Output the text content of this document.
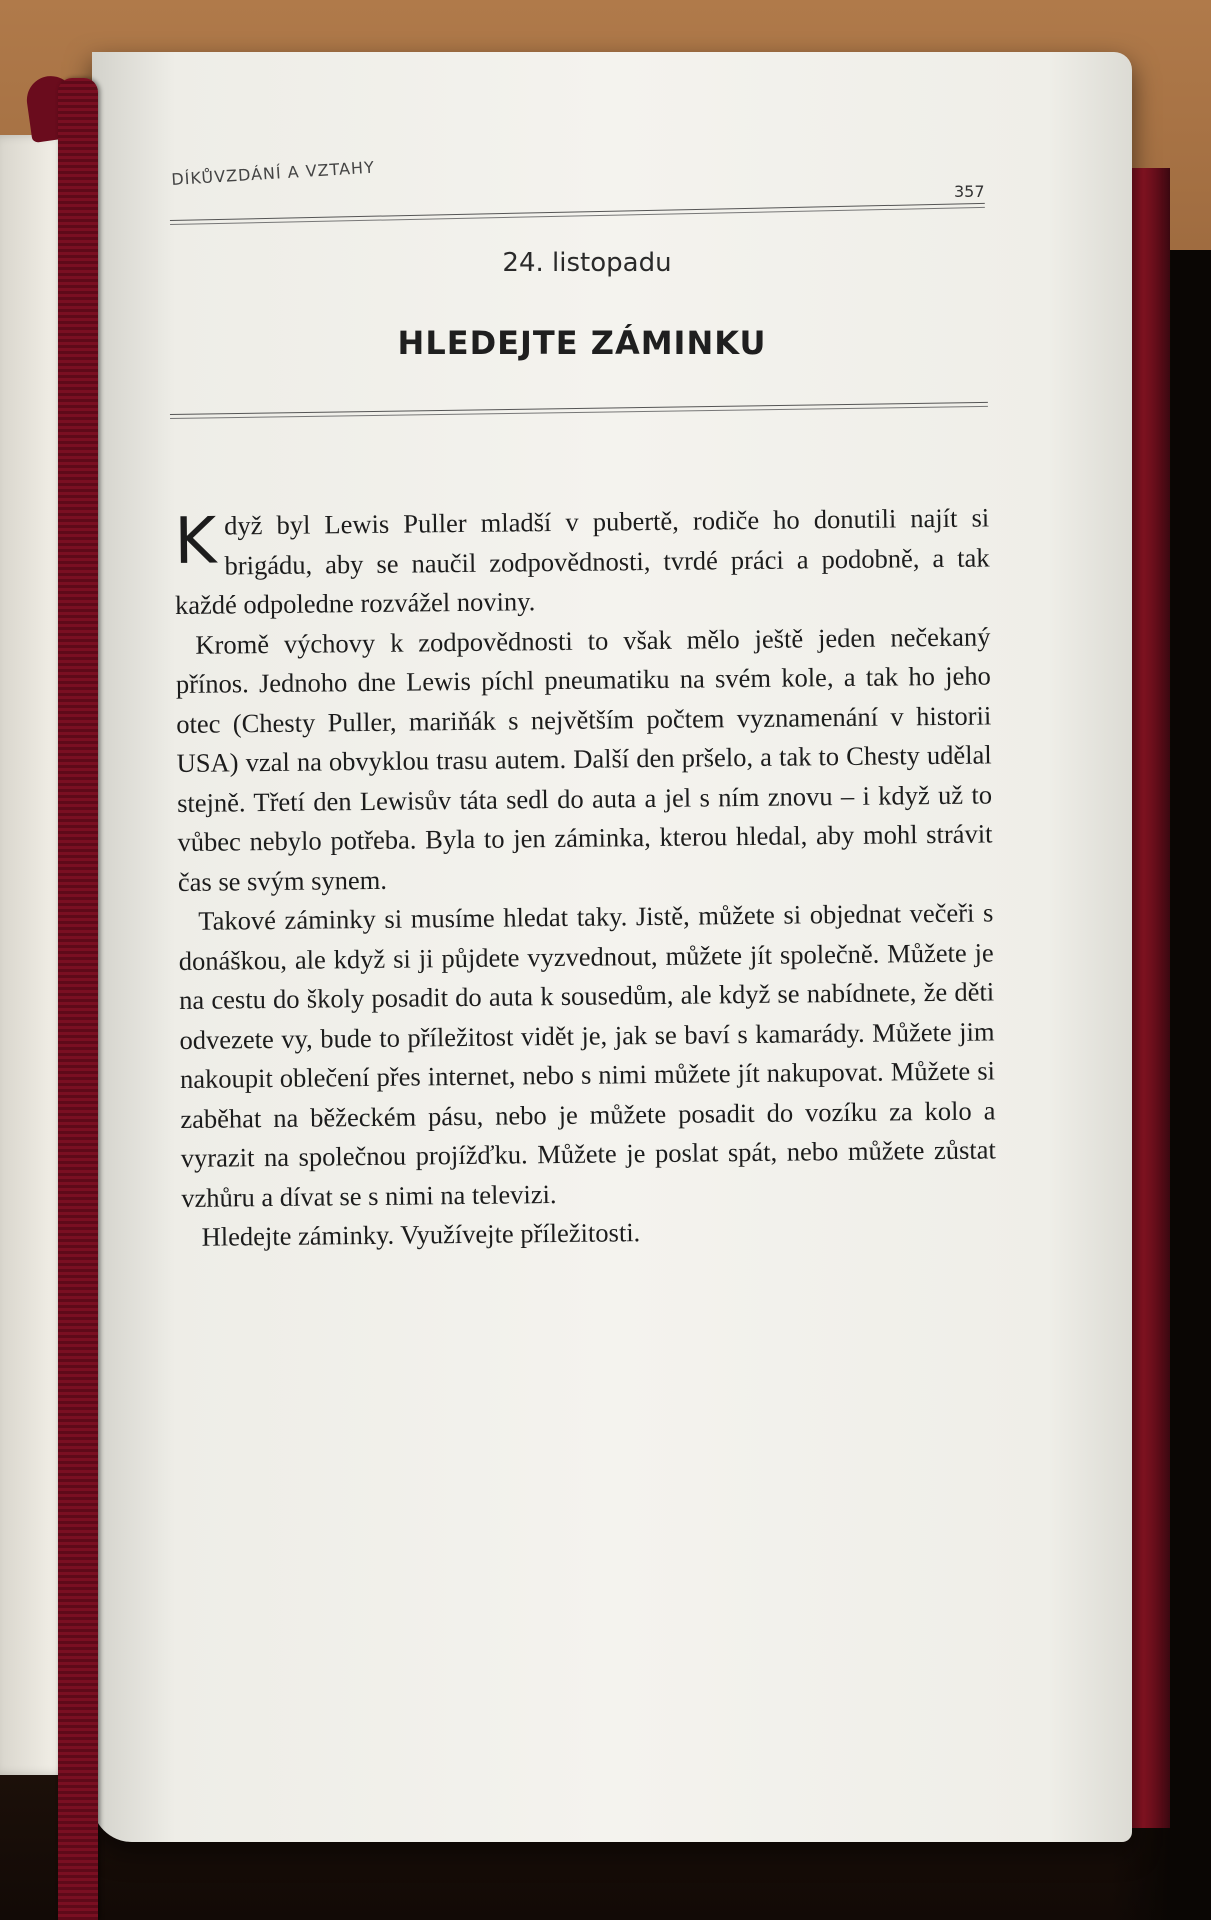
DÍKŮVZDÁNÍ A VZTAHY
357
24. listopadu
HLEDEJTE ZÁMINKU

Když byl Lewis Puller mladší v pubertě, rodiče ho donutili najít si brigádu, aby se naučil zodpovědnosti, tvrdé práci a podobně, a tak každé odpoledne rozvážel noviny.

Kromě výchovy k zodpovědnosti to však mělo ještě jeden nečekaný přínos. Jednoho dne Lewis píchl pneumatiku na svém kole, a tak ho jeho otec (Chesty Puller, mariňák s největším počtem vyznamenání v historii USA) vzal na obvyklou trasu autem. Další den pršelo, a tak to Chesty udělal stejně. Třetí den Lewisův táta sedl do auta a jel s ním znovu – i když už to vůbec nebylo potřeba. Byla to jen záminka, kterou hledal, aby mohl strávit čas se svým synem.

Takové záminky si musíme hledat taky. Jistě, můžete si objednat večeři s donáškou, ale když si ji půjdete vyzvednout, můžete jít společně. Můžete je na cestu do školy posadit do auta k sousedům, ale když se nabídnete, že děti odvezete vy, bude to příležitost vidět je, jak se baví s kamarády. Můžete jim nakoupit oblečení přes internet, nebo s nimi můžete jít nakupovat. Můžete si zaběhat na běžeckém pásu, nebo je můžete posadit do vozíku za kolo a vyrazit na společnou projížďku. Můžete je poslat spát, nebo můžete zůstat vzhůru a dívat se s nimi na televizi.

Hledejte záminky. Využívejte příležitosti.
